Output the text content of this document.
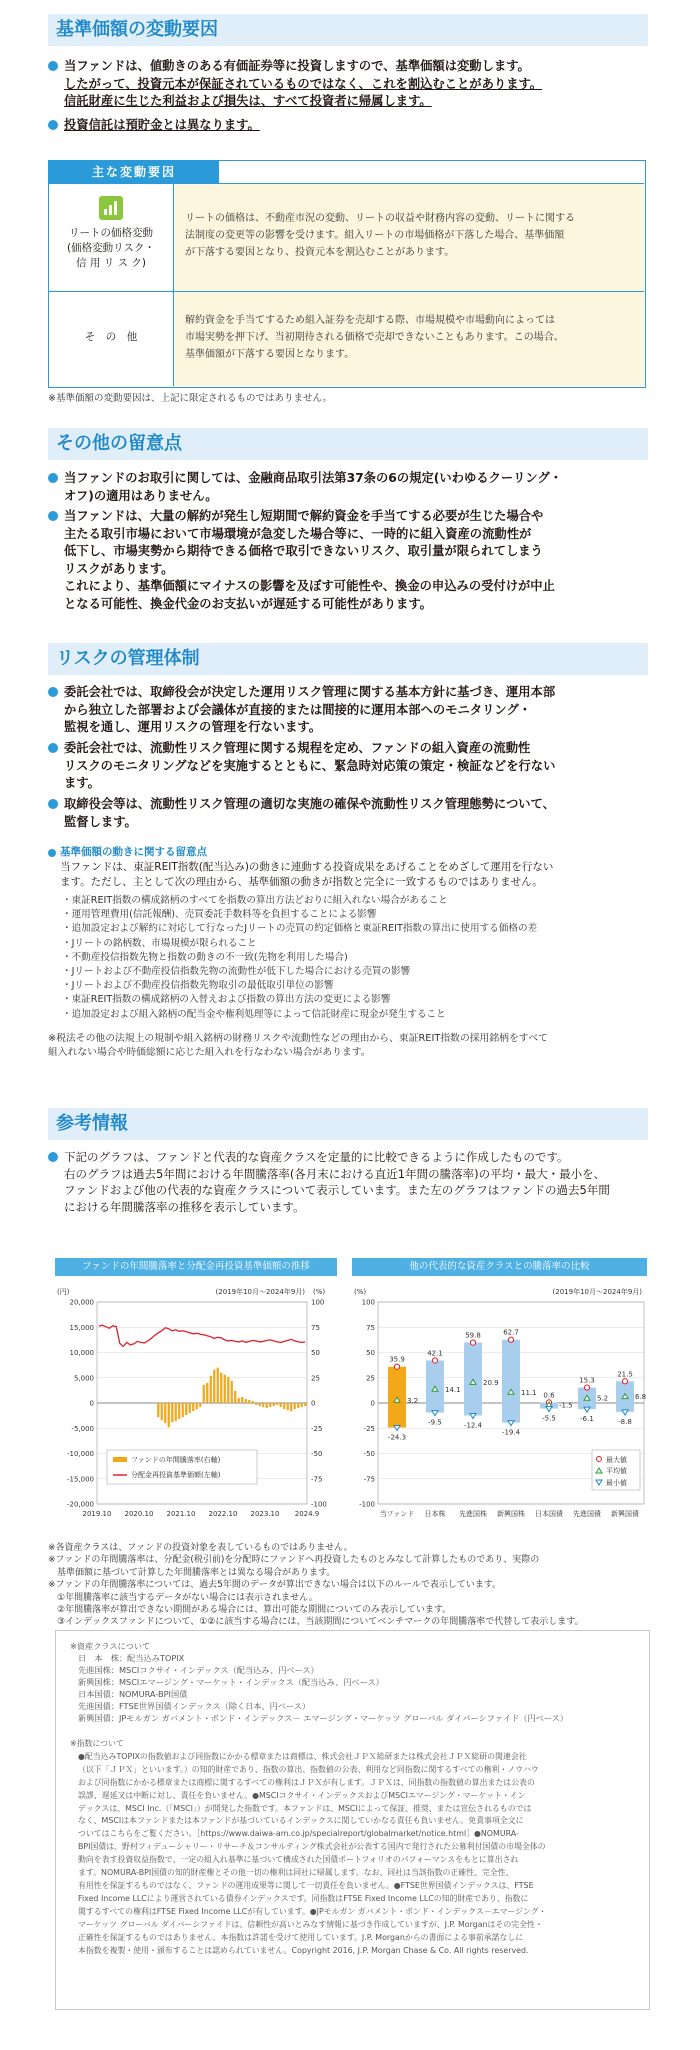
基準価額の変動要因
当ファンドは、値動きのある有価証券等に投資しますので、基準価額は変動します。
したがって、投資元本が保証されているものではなく、これを割込むことがあります。
信託財産に生じた利益および損失は、すべて投資者に帰属します。
投資信託は預貯金とは異なります。
主な変動要因
リートの価格変動
(価格変動リスク・
信 用 リ ス ク)
リートの価格は、不動産市況の変動、リートの収益や財務内容の変動、リートに関する
法制度の変更等の影響を受けます。組入リートの市場価格が下落した場合、基準価額
が下落する要因となり、投資元本を割込むことがあります。
そ　の　他
解約資金を手当てするため組入証券を売却する際、市場規模や市場動向によっては
市場実勢を押下げ、当初期待される価格で売却できないこともあります。この場合、
基準価額が下落する要因となります。
※基準価額の変動要因は、上記に限定されるものではありません。
その他の留意点
当ファンドのお取引に関しては、金融商品取引法第37条の6の規定(いわゆるクーリング・
オフ)の適用はありません。
当ファンドは、大量の解約が発生し短期間で解約資金を手当てする必要が生じた場合や
主たる取引市場において市場環境が急変した場合等に、一時的に組入資産の流動性が
低下し、市場実勢から期待できる価格で取引できないリスク、取引量が限られてしまう
リスクがあります。
これにより、基準価額にマイナスの影響を及ぼす可能性や、換金の申込みの受付けが中止
となる可能性、換金代金のお支払いが遅延する可能性があります。
リスクの管理体制
委託会社では、取締役会が決定した運用リスク管理に関する基本方針に基づき、運用本部
から独立した部署および会議体が直接的または間接的に運用本部へのモニタリング・
監視を通し、運用リスクの管理を行ないます。
委託会社では、流動性リスク管理に関する規程を定め、ファンドの組入資産の流動性
リスクのモニタリングなどを実施するとともに、緊急時対応策の策定・検証などを行ない
ます。
取締役会等は、流動性リスク管理の適切な実施の確保や流動性リスク管理態勢について、
監督します。
基準価額の動きに関する留意点
当ファンドは、東証REIT指数(配当込み)の動きに連動する投資成果をあげることをめざして運用を行ない
ます。ただし、主として次の理由から、基準価額の動きが指数と完全に一致するものではありません。
・東証REIT指数の構成銘柄のすべてを指数の算出方法どおりに組入れない場合があること
・運用管理費用(信託報酬)、売買委託手数料等を負担することによる影響
・追加設定および解約に対応して行なったJリートの売買の約定価格と東証REIT指数の算出に使用する価格の差
・Jリートの銘柄数、市場規模が限られること
・不動産投信指数先物と指数の動きの不一致(先物を利用した場合)
・Jリートおよび不動産投信指数先物の流動性が低下した場合における売買の影響
・Jリートおよび不動産投信指数先物取引の最低取引単位の影響
・東証REIT指数の構成銘柄の入替えおよび指数の算出方法の変更による影響
・追加設定および組入銘柄の配当金や権利処理等によって信託財産に現金が発生すること
※税法その他の法規上の規制や組入銘柄の財務リスクや流動性などの理由から、東証REIT指数の採用銘柄をすべて
組入れない場合や時価総額に応じた組入れを行なわない場合があります。
参考情報
下記のグラフは、ファンドと代表的な資産クラスを定量的に比較できるように作成したものです。
右のグラフは過去5年間における年間騰落率(各月末における直近1年間の騰落率)の平均・最大・最小を、
ファンドおよび他の代表的な資産クラスについて表示しています。また左のグラフはファンドの過去5年間
における年間騰落率の推移を表示しています。
ファンドの年間騰落率と分配金再投資基準価額の推移
(円)	(%)
(2019年10月～2024年9月)
20,000
15,000
10,000
5,000
0
-5,000
-10,000
-15,000
-20,000
100
75
50
25
0
-25
-50
-75
-100
2019.10 2020.10 2021.10 2022.10 2023.10 2024.9
ファンドの年間騰落率(右軸)
分配金再投資基準価額(左軸)
他の代表的な資産クラスとの騰落率の比較
(%)	(2019年10月～2024年9月)
100
75
50
25
0
-25
-50
-75
-100
35.9
3.2
-24.3
当ファンド
42.1
14.1
-9.5
日本株
59.8
20.9
-12.4
先進国株
62.7
11.1
-19.4
新興国株
0.6
-1.5
-5.5
日本国債
15.3
5.2
-6.1
先進国債
21.5
6.8
-8.8
新興国債
最大値
平均値
最小値
※各資産クラスは、ファンドの投資対象を表しているものではありません。
※ファンドの年間騰落率は、分配金(税引前)を分配時にファンドへ再投資したものとみなして計算したものであり、実際の
　基準価額に基づいて計算した年間騰落率とは異なる場合があります。
※ファンドの年間騰落率については、過去5年間のデータが算出できない場合は以下のルールで表示しています。
　①年間騰落率に該当するデータがない場合には表示されません。
　②年間騰落率が算出できない期間がある場合には、算出可能な期間についてのみ表示しています。
　③インデックスファンドについて、①②に該当する場合には、当該期間についてベンチマークの年間騰落率で代替して表示します。
※資産クラスについて
日　本　株：配当込みTOPIX
先進国株：MSCIコクサイ・インデックス（配当込み、円ベース）
新興国株：MSCIエマージング・マーケット・インデックス（配当込み、円ベース）
日本国債：NOMURA-BPI国債
先進国債：FTSE世界国債インデックス（除く日本、円ベース）
新興国債：JPモルガン ガバメント・ボンド・インデックス－ エマージング・マーケッツ グローバル ダイバーシファイド（円ベース）
※指数について
●配当込みTOPIXの指数値および同指数にかかる標章または商標は、株式会社ＪＰＸ総研または株式会社ＪＰＸ総研の関連会社
（以下「ＪＰＸ」といいます。）の知的財産であり、指数の算出、指数値の公表、利用など同指数に関するすべての権利・ノウハウ
および同指数にかかる標章または商標に関するすべての権利はＪＰＸが有します。ＪＰＸは、同指数の指数値の算出または公表の
誤謬、遅延又は中断に対し、責任を負いません。●MSCIコクサイ・インデックスおよびMSCIエマージング・マーケット・イン
デックスは、MSCI Inc.（「MSCI」）が開発した指数です。本ファンドは、MSCIによって保証、推奨、または宣伝されるものでは
なく、MSCIは本ファンドまたは本ファンドが基づいているインデックスに関していかなる責任も負いません。免責事項全文に
ついてはこちらをご覧ください。［https://www.daiwa-am.co.jp/specialreport/globalmarket/notice.html］●NOMURA-
BPI国債は、野村フィデューシャリー・リサーチ＆コンサルティング株式会社が公表する国内で発行された公募利付国債の市場全体の
動向を表す投資収益指数で、一定の組入れ基準に基づいて構成された国債ポートフォリオのパフォーマンスをもとに算出され
ます。NOMURA-BPI国債の知的財産権とその他一切の権利は同社に帰属します。なお、同社は当該指数の正確性、完全性、
有用性を保証するものではなく、ファンドの運用成果等に関して一切責任を負いません。●FTSE世界国債インデックスは、FTSE
Fixed Income LLCにより運営されている債券インデックスです。同指数はFTSE Fixed Income LLCの知的財産であり、指数に
関するすべての権利はFTSE Fixed Income LLCが有しています。●JPモルガン ガバメント・ボンド・インデックス－エマージング・
マーケッツ グローバル ダイバーシファイドは、信頼性が高いとみなす情報に基づき作成していますが、J.P. Morganはその完全性・
正確性を保証するものではありません。本指数は許諾を受けて使用しています。J.P. Morganからの書面による事前承諾なしに
本指数を複製・使用・頒布することは認められていません。Copyright 2016, J.P. Morgan Chase & Co. All rights reserved.
